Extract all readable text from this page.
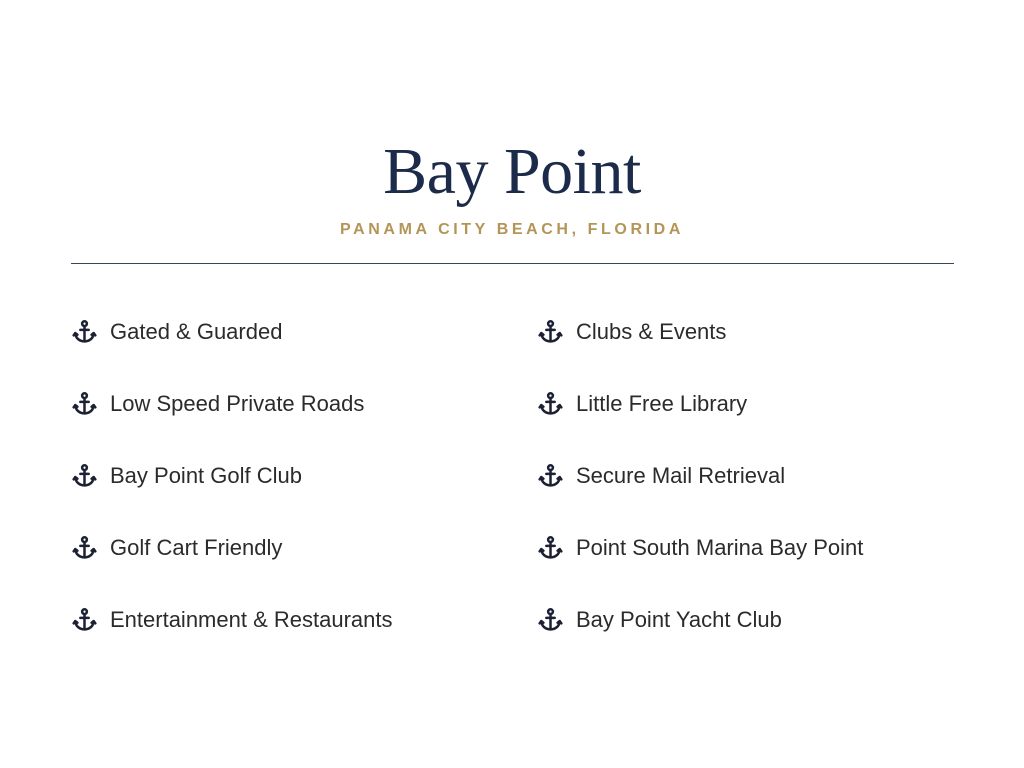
Bay Point
PANAMA CITY BEACH, FLORIDA
Gated & Guarded
Low Speed Private Roads
Bay Point Golf Club
Golf Cart Friendly
Entertainment & Restaurants
Clubs & Events
Little Free Library
Secure Mail Retrieval
Point South Marina Bay Point
Bay Point Yacht Club
